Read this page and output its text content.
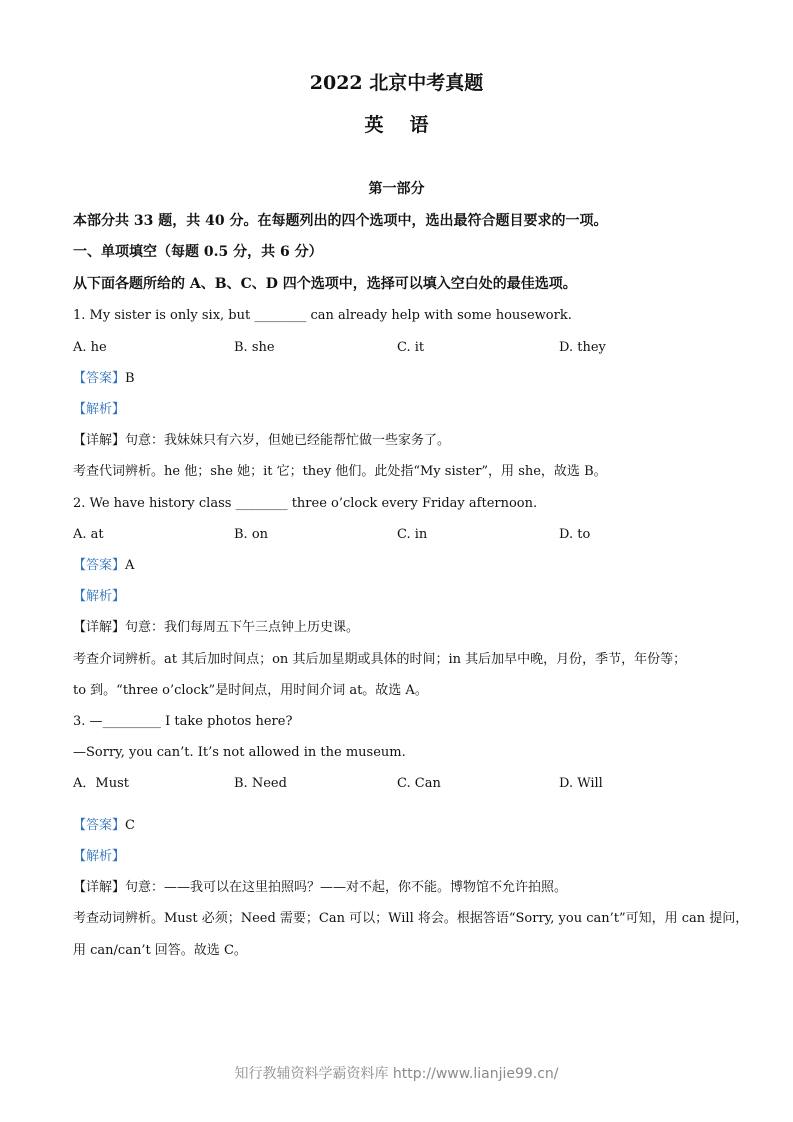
2022 北京中考真题
英语
第一部分
本部分共 33 题，共 40 分。在每题列出的四个选项中，选出最符合题目要求的一项。
一、单项填空（每题 0.5 分，共 6 分）
从下面各题所给的 A、B、C、D 四个选项中，选择可以填入空白处的最佳选项。
1. My sister is only six, but ________ can already help with some housework.
A. he	B. she	C. it	D. they
【答案】B
【解析】
【详解】句意：我妹妹只有六岁，但她已经能帮忙做一些家务了。
考查代词辨析。he 他；she 她；it 它；they 他们。此处指“My sister”，用 she，故选 B。
2. We have history class ________ three o’clock every Friday afternoon.
A. at	B. on	C. in	D. to
【答案】A
【解析】
【详解】句意：我们每周五下午三点钟上历史课。
考查介词辨析。at 其后加时间点；on 其后加星期或具体的时间；in 其后加早中晚，月份，季节，年份等；
to 到。“three o’clock”是时间点，用时间介词 at。故选 A。
3. —_________ I take photos here?
—Sorry, you can’t. It’s not allowed in the museum.
A．Must	B. Need	C. Can	D. Will
【答案】C
【解析】
【详解】句意：——我可以在这里拍照吗？——对不起，你不能。博物馆不允许拍照。
考查动词辨析。Must 必须；Need 需要；Can 可以；Will 将会。根据答语“Sorry, you can’t”可知，用 can 提问，
用 can/can’t 回答。故选 C。
知行教辅资料学霸资料库 http://www.lianjie99.cn/
